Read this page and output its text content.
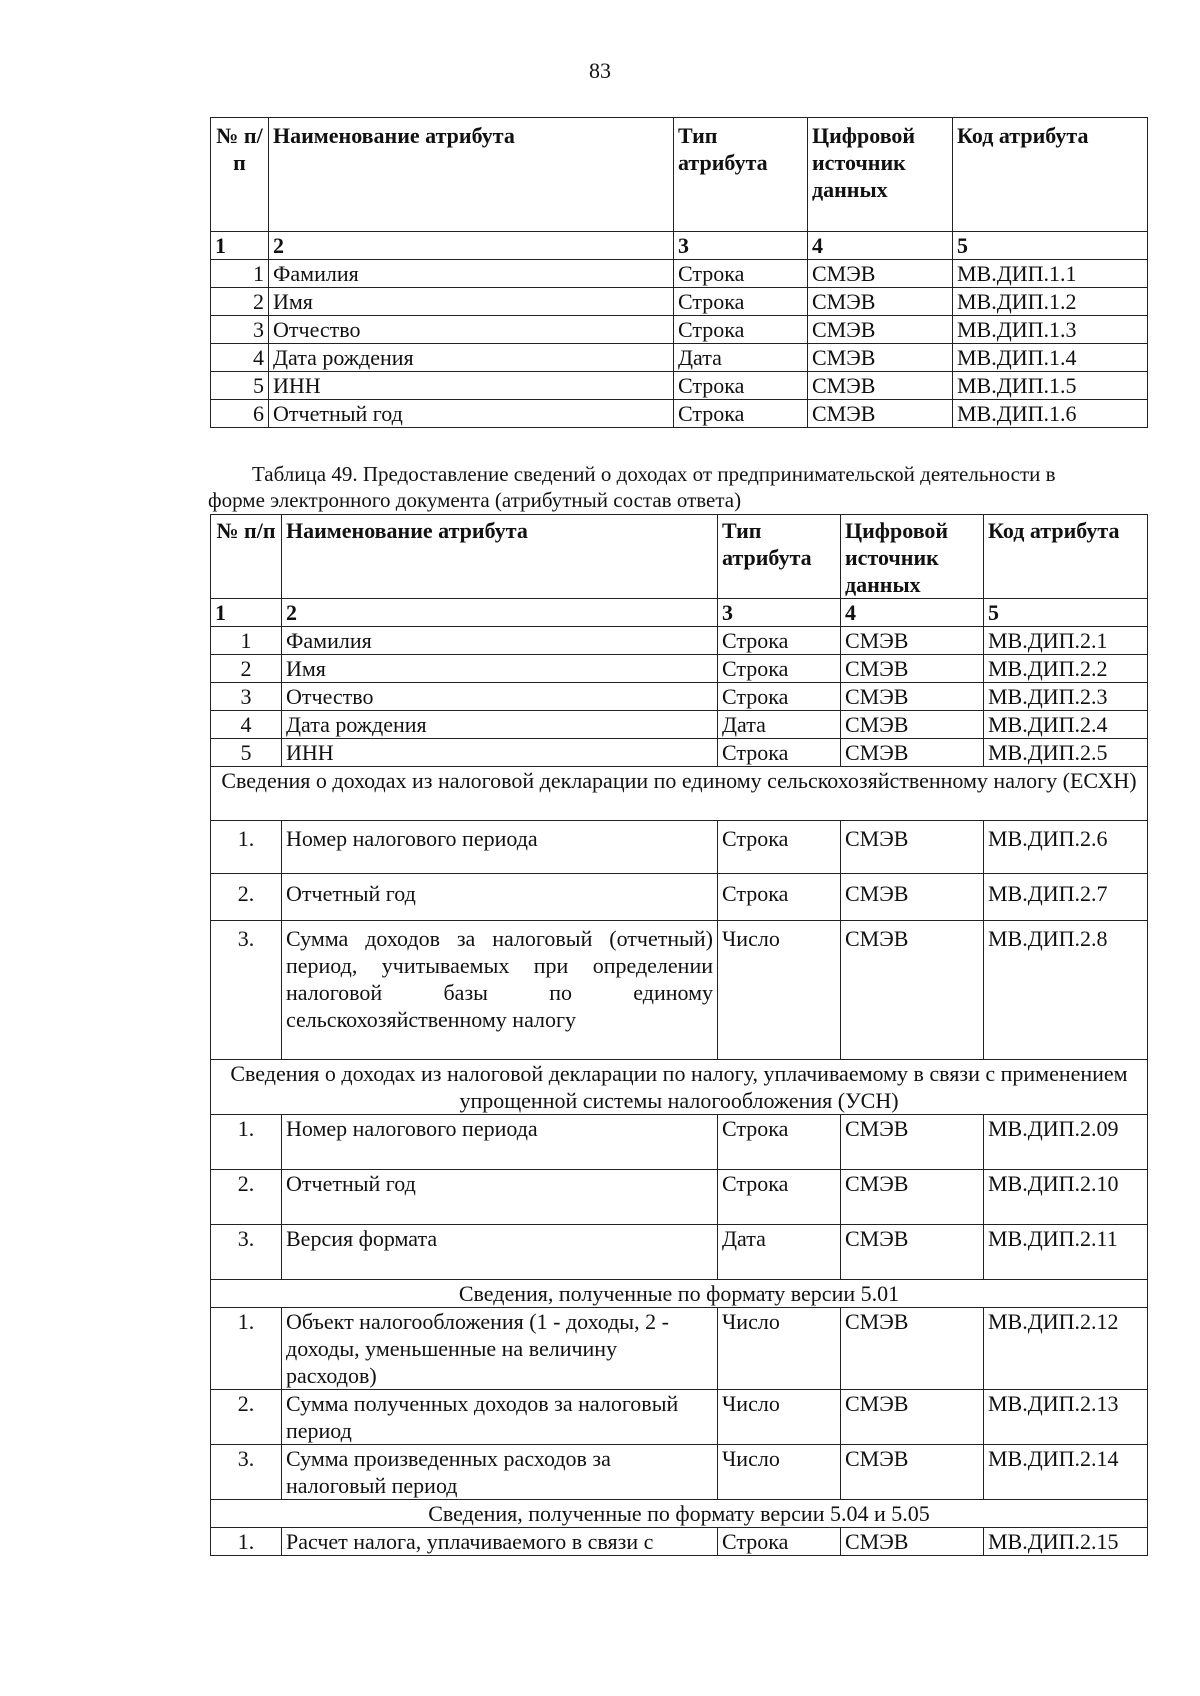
83
№ п/п	Наименование атрибута	Тип атрибута	Цифровой источник данных	Код атрибута
1	2	3	4	5
1	Фамилия	Строка	СМЭВ	МВ.ДИП.1.1
2	Имя	Строка	СМЭВ	МВ.ДИП.1.2
3	Отчество	Строка	СМЭВ	МВ.ДИП.1.3
4	Дата рождения	Дата	СМЭВ	МВ.ДИП.1.4
5	ИНН	Строка	СМЭВ	МВ.ДИП.1.5
6	Отчетный год	Строка	СМЭВ	МВ.ДИП.1.6
Таблица 49. Предоставление сведений о доходах от предпринимательской деятельности в
форме электронного документа (атрибутный состав ответа)
№ п/п	Наименование атрибута	Тип атрибута	Цифровой источник данных	Код атрибута
1	2	3	4	5
1	Фамилия	Строка	СМЭВ	МВ.ДИП.2.1
2	Имя	Строка	СМЭВ	МВ.ДИП.2.2
3	Отчество	Строка	СМЭВ	МВ.ДИП.2.3
4	Дата рождения	Дата	СМЭВ	МВ.ДИП.2.4
5	ИНН	Строка	СМЭВ	МВ.ДИП.2.5
Сведения о доходах из налоговой декларации по единому сельскохозяйственному налогу (ЕСХН)				
1.	Номер налогового периода	Строка	СМЭВ	МВ.ДИП.2.6
2.	Отчетный год	Строка	СМЭВ	МВ.ДИП.2.7
3.	Сумма доходов за налоговый (отчетный) период, учитываемых при определении налоговой базы по единому сельскохозяйственному налогу	Число	СМЭВ	МВ.ДИП.2.8
Сведения о доходах из налоговой декларации по налогу, уплачиваемому в связи с применением упрощенной системы налогообложения (УСН)				
1.	Номер налогового периода	Строка	СМЭВ	МВ.ДИП.2.09
2.	Отчетный год	Строка	СМЭВ	МВ.ДИП.2.10
3.	Версия формата	Дата	СМЭВ	МВ.ДИП.2.11
Сведения, полученные по формату версии 5.01				
1.	Объект налогообложения (1 - доходы, 2 - доходы, уменьшенные на величину расходов)	Число	СМЭВ	МВ.ДИП.2.12
2.	Сумма полученных доходов за налоговый период	Число	СМЭВ	МВ.ДИП.2.13
3.	Сумма произведенных расходов за налоговый период	Число	СМЭВ	МВ.ДИП.2.14
Сведения, полученные по формату версии 5.04 и 5.05				
1.	Расчет налога, уплачиваемого в связи с	Строка	СМЭВ	МВ.ДИП.2.15
